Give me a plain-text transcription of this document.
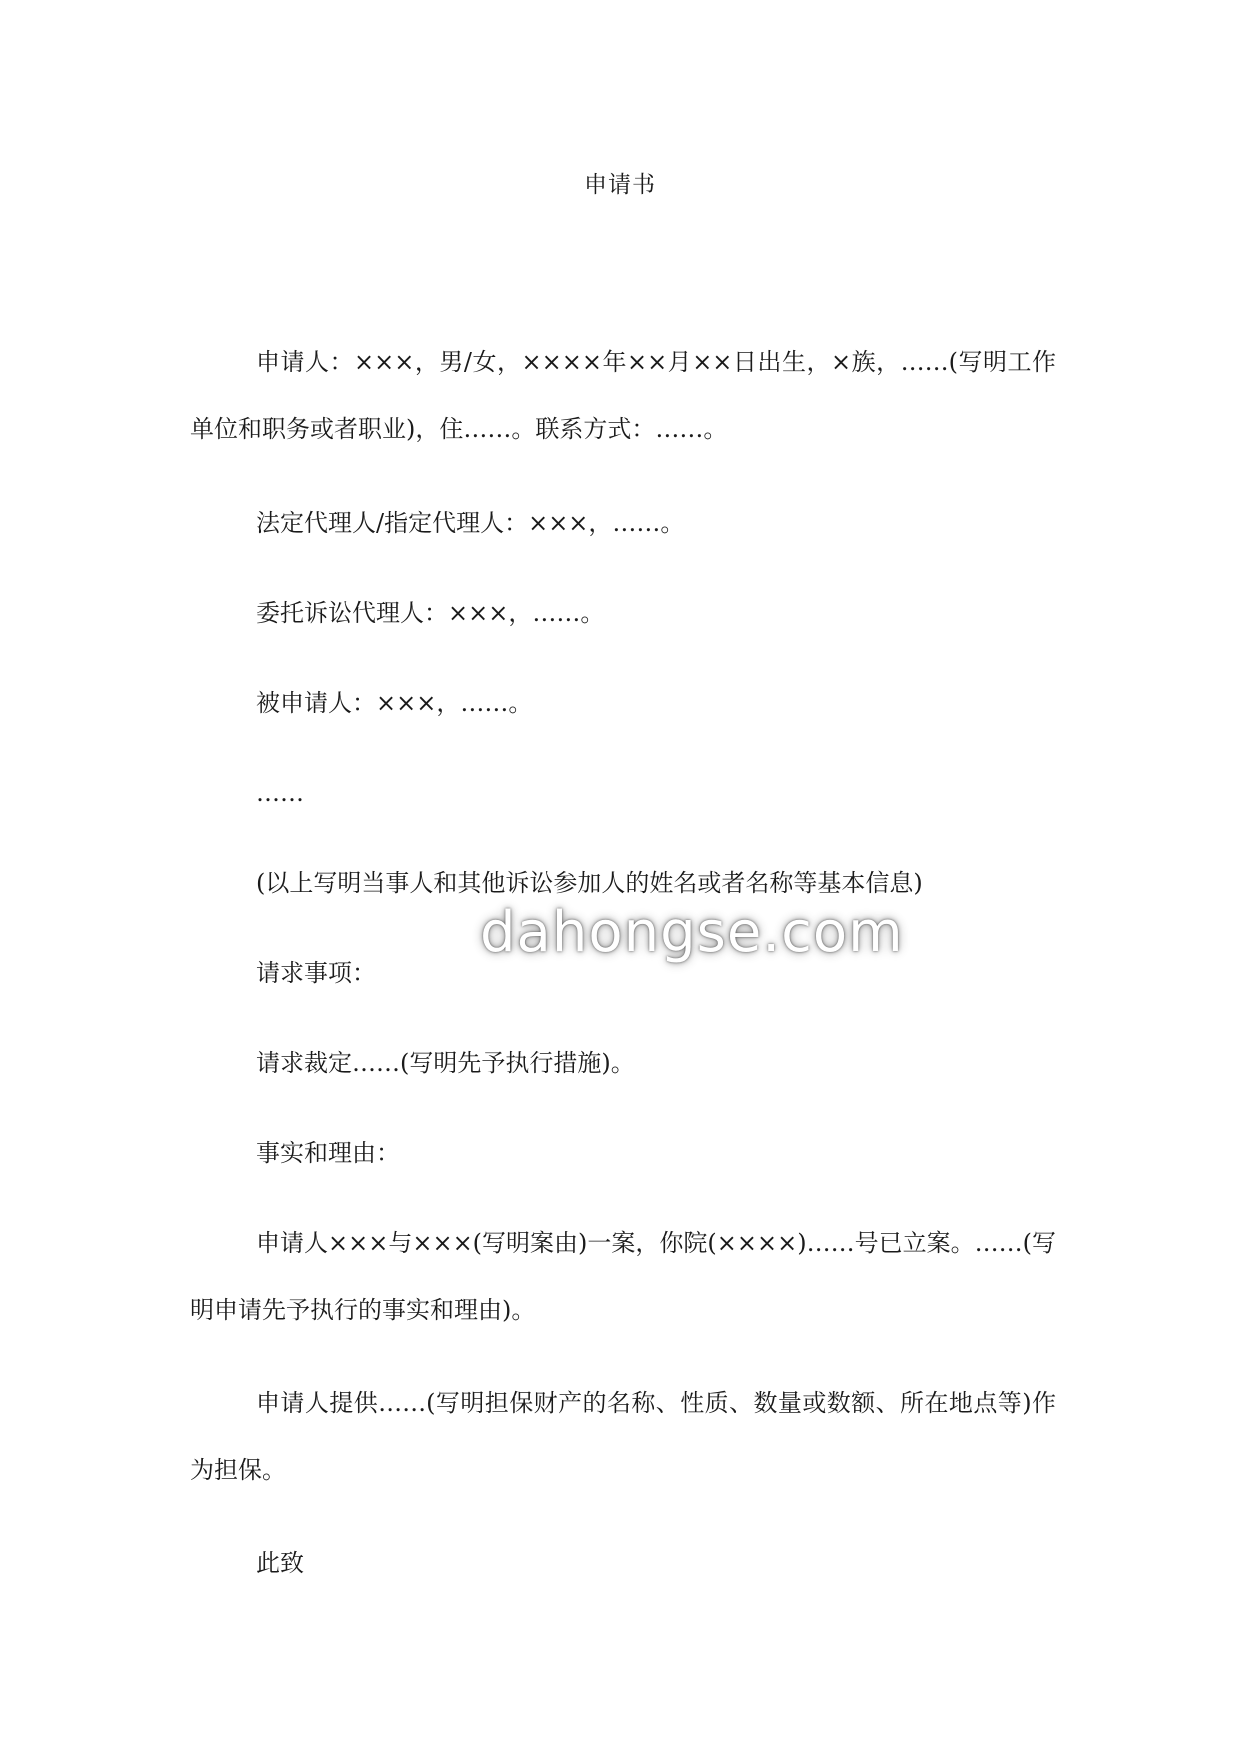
申请书
申请人：×××，男/女，××××年××月××日出生，×族，……(写明工作单位和职务或者职业)，住……。联系方式：……。
法定代理人/指定代理人：×××，……。
委托诉讼代理人：×××，……。
被申请人：×××，……。
……
(以上写明当事人和其他诉讼参加人的姓名或者名称等基本信息)
请求事项：
请求裁定……(写明先予执行措施)。
事实和理由：
申请人×××与×××(写明案由)一案，你院(××××)……号已立案。……(写明申请先予执行的事实和理由)。
申请人提供……(写明担保财产的名称、性质、数量或数额、所在地点等)作为担保。
此致
dahongse.com
